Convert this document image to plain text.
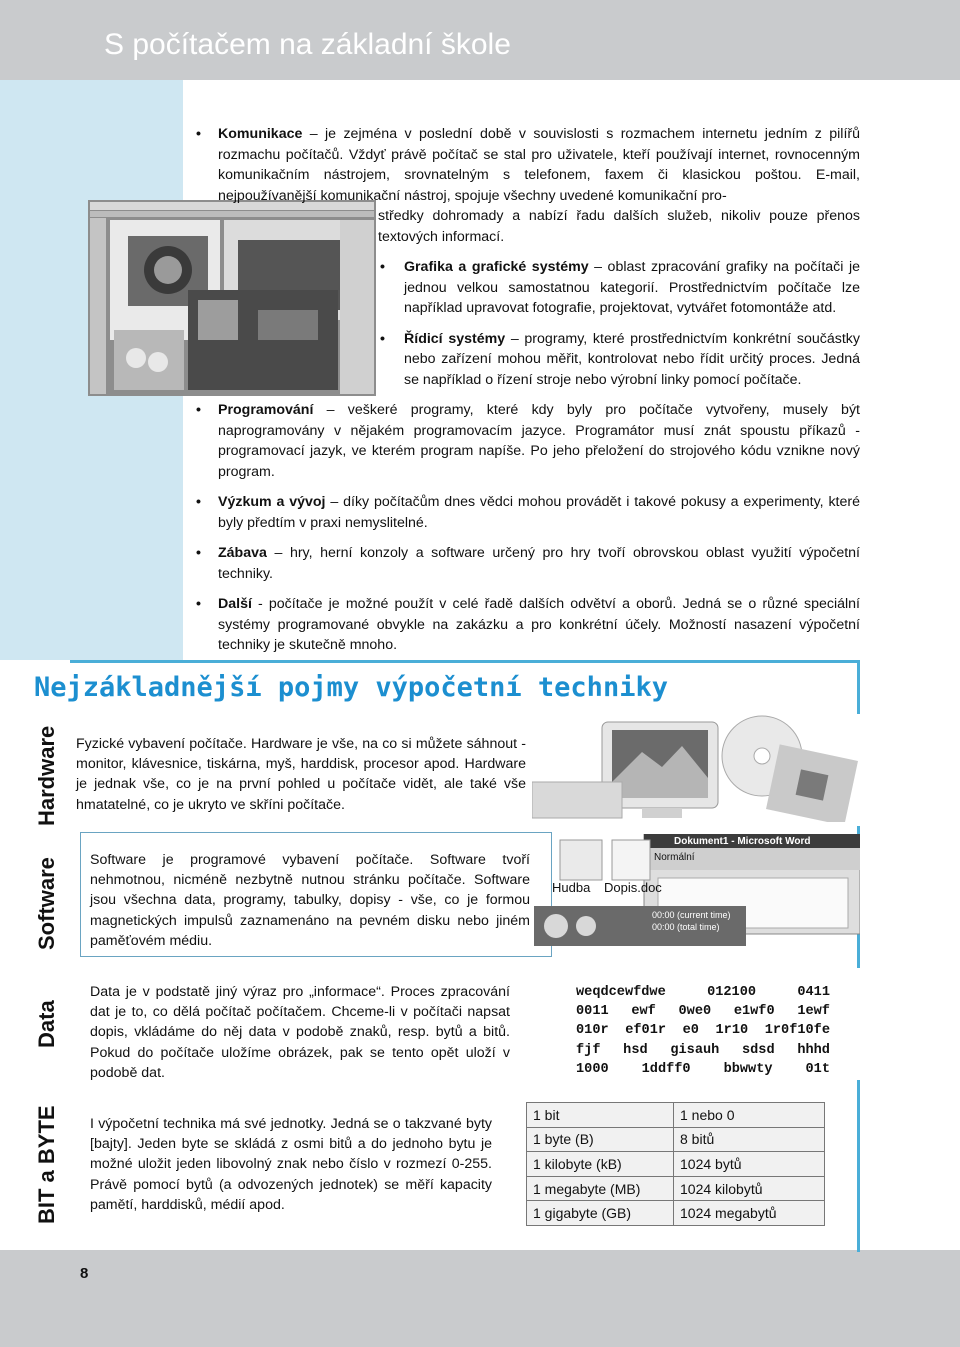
S počítačem na základní škole
8
• Komunikace – je zejména v poslední době v souvislosti s rozmachem internetu jedním z pilířů rozmachu počítačů. Vždyť právě počítač se stal pro uživatele, kteří používají internet, rovnocenným komunikačním nástrojem, srovnatelným s telefonem, faxem či klasickou poštou. E-mail, nejpoužívanější komunikační nástroj, spojuje všechny uvedené komunikační pro-
středky dohromady a nabízí řadu dalších služeb, nikoliv pouze přenos textových informací.
• Grafika a grafické systémy – oblast zpracování grafiky na počítači je jednou velkou samostatnou kategorií. Prostřednictvím počítače lze například upravovat fotografie, projektovat, vytvářet fotomontáže atd.
• Řídicí systémy – programy, které prostřednictvím konkrétní součástky nebo zařízení mohou měřit, kontrolovat nebo řídit určitý proces. Jedná se například o řízení stroje nebo výrobní linky pomocí počítače.
• Programování – veškeré programy, které kdy byly pro počítače vytvořeny, musely být naprogramovány v nějakém programovacím jazyce. Programátor musí znát spoustu příkazů - programovací jazyk, ve kterém program napíše. Po jeho přeložení do strojového kódu vznikne nový program.
• Výzkum a vývoj – díky počítačům dnes vědci mohou provádět i takové pokusy a experimenty, které byly předtím v praxi nemyslitelné.
• Zábava – hry, herní konzoly a software určený pro hry tvoří obrovskou oblast využití výpočetní techniky.
• Další - počítače je možné použít v celé řadě dalších odvětví a oborů. Jedná se o různé speciální systémy programované obvykle na zakázku a pro konkrétní účely. Možností nasazení výpočetní techniky je skutečně mnoho.
Nejzákladnější pojmy výpočetní techniky
Hardware Fyzické vybavení počítače. Hardware je vše, na co si můžete sáhnout - monitor, klávesnice, tiskárna, myš, harddisk, procesor apod. Hardware je jednak vše, co je na první pohled u počítače vidět, ale také vše hmatatelné, co je ukryto ve skříni počítače.
Software Software je programové vybavení počítače. Software tvoří nehmotnou, nicméně nezbytně nutnou stránku počítače. Software jsou všechna data, programy, tabulky, dopisy - vše, co je formou magnetických impulsů zaznamenáno na pevném disku nebo jiném paměťovém médiu.
Hudba Dopis.doc
Dokument1 - Microsoft Word
Normální
00:00 (current time)
00:00 (total time)
Data
Data je v podstatě jiný výraz pro „informace“. Proces zpracování dat je to, co dělá počítač počítačem. Chceme-li v počítači napsat dopis, vkládáme do něj data v podobě znaků, resp. bytů a bitů. Pokud do počítače uložíme obrázek, pak se tento opět uloží v podobě dat.
weqdcewfdwe	012100	0411
0011 ewf 0we0 e1wf0 1ewf
010r ef01r e0 1r10 1r0f10fe
fjf hsd gisauh sdsd hhhd
1000 1ddff0 bbwwty 01t
BIT a BYTE I výpočetní technika má své jednotky. Jedná se o takzvané byty [bajty]. Jeden byte se skládá z osmi bitů a do jednoho bytu je možné uložit jeden libovolný znak nebo číslo v rozmezí 0-255. Právě pomocí bytů (a odvozených jednotek) se měří kapacity pamětí, harddisků, médií apod.
1 bit	1 nebo 0
1 byte (B)	8 bitů
1 kilobyte (kB)	1024 bytů
1 megabyte (MB)	1024 kilobytů
1 gigabyte (GB)	1024 megabytů
